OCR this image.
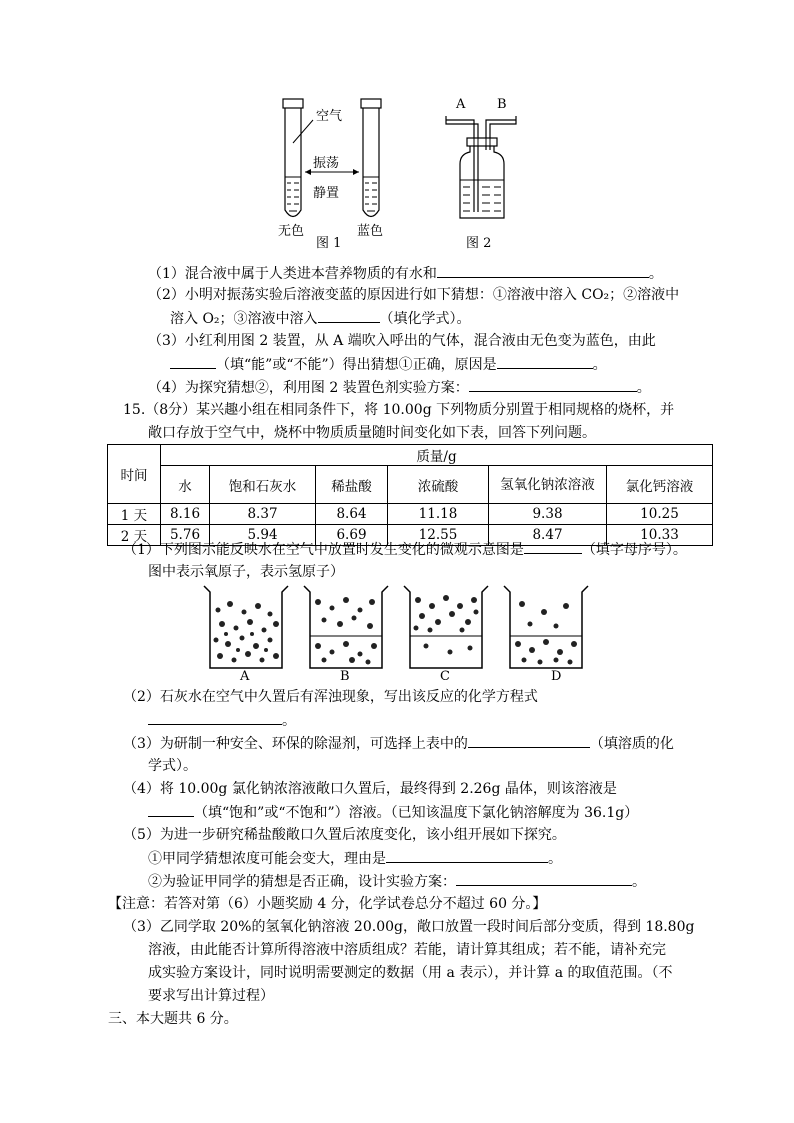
空气
振荡
静置
无色	蓝色
图 1
A B
图 2
（1）混合液中属于人类进本营养物质的有水和	。
（2）小明对振荡实验后溶液变蓝的原因进行如下猜想：①溶液中溶入 CO₂；②溶液中
溶入 O₂；③溶液中溶入	（填化学式）。
（3）小红利用图 2 装置，从 A 端吹入呼出的气体，混合液由无色变为蓝色，由此
（填“能”或“不能”）得出猜想①正确，原因是	。
（4）为探究猜想②，利用图 2 装置色剂实验方案：	。
15.（8分）某兴趣小组在相同条件下，将 10.00g 下列物质分别置于相同规格的烧杯，并
敞口存放于空气中，烧杯中物质质量随时间变化如下表，回答下列问题。
时间	质量/g					
	水	饱和石灰水	稀盐酸	浓硫酸	氢氧化钠浓溶液	氯化钙溶液
1 天	8.16	8.37	8.64	11.18	9.38	10.25
2 天	5.76	5.94	6.69	12.55	8.47	10.33
（1）下列图示能反映水在空气中放置时发生变化的微观示意图是	（填字母序号）。
图中表示氧原子，表示氢原子）
A	B	C	D
（2）石灰水在空气中久置后有浑浊现象，写出该反应的化学方程式
。
（3）为研制一种安全、环保的除湿剂，可选择上表中的	（填溶质的化
学式）。
（4）将 10.00g 氯化钠浓溶液敞口久置后，最终得到 2.26g 晶体，则该溶液是
（填“饱和”或“不饱和”）溶液。（已知该温度下氯化钠溶解度为 36.1g）
（5）为进一步研究稀盐酸敞口久置后浓度变化，该小组开展如下探究。
①甲同学猜想浓度可能会变大，理由是	。
②为验证甲同学的猜想是否正确，设计实验方案：	。
【注意：若答对第（6）小题奖励 4 分，化学试卷总分不超过 60 分。】
（3）乙同学取 20%的氢氧化钠溶液 20.00g，敞口放置一段时间后部分变质，得到 18.80g
溶液，由此能否计算所得溶液中溶质组成？若能，请计算其组成；若不能，请补充完
成实验方案设计，同时说明需要测定的数据（用 a 表示），并计算 a 的取值范围。（不
要求写出计算过程）
三、本大题共 6 分。
